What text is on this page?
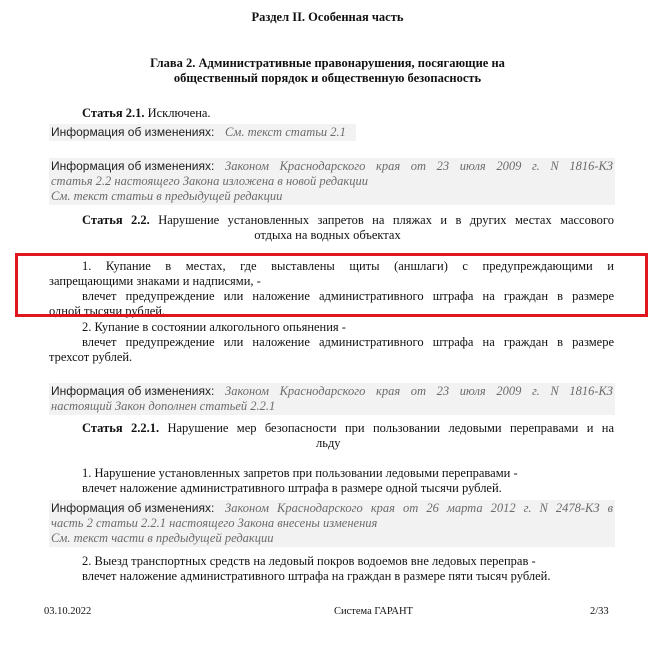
Раздел II. Особенная часть
Глава 2. Административные правонарушения, посягающие на
общественный порядок и общественную безопасность
Статья 2.1. Исключена.
Информация об изменениях: См. текст статьи 2.1
Информация об изменениях: Законом Краснодарского края от 23 июля 2009 г. N 1816-КЗ
статья 2.2 настоящего Закона изложена в новой редакции
См. текст статьи в предыдущей редакции
Статья 2.2. Нарушение установленных запретов на пляжах и в других местах массового
отдыха на водных объектах
1. Купание в местах, где выставлены щиты (аншлаги) с предупреждающими и
запрещающими знаками и надписями, -
влечет предупреждение или наложение административного штрафа на граждан в размере
одной тысячи рублей.
2. Купание в состоянии алкогольного опьянения -
влечет предупреждение или наложение административного штрафа на граждан в размере
трехсот рублей.
Информация об изменениях: Законом Краснодарского края от 23 июля 2009 г. N 1816-КЗ
настоящий Закон дополнен статьей 2.2.1
Статья 2.2.1. Нарушение мер безопасности при пользовании ледовыми переправами и на
льду
1. Нарушение установленных запретов при пользовании ледовыми переправами -
влечет наложение административного штрафа в размере одной тысячи рублей.
Информация об изменениях: Законом Краснодарского края от 26 марта 2012 г. N 2478-КЗ в
часть 2 статьи 2.2.1 настоящего Закона внесены изменения
См. текст части в предыдущей редакции
2. Выезд транспортных средств на ледовый покров водоемов вне ледовых переправ -
влечет наложение административного штрафа на граждан в размере пяти тысяч рублей.
03.10.2022	Система ГАРАНТ	2/33
